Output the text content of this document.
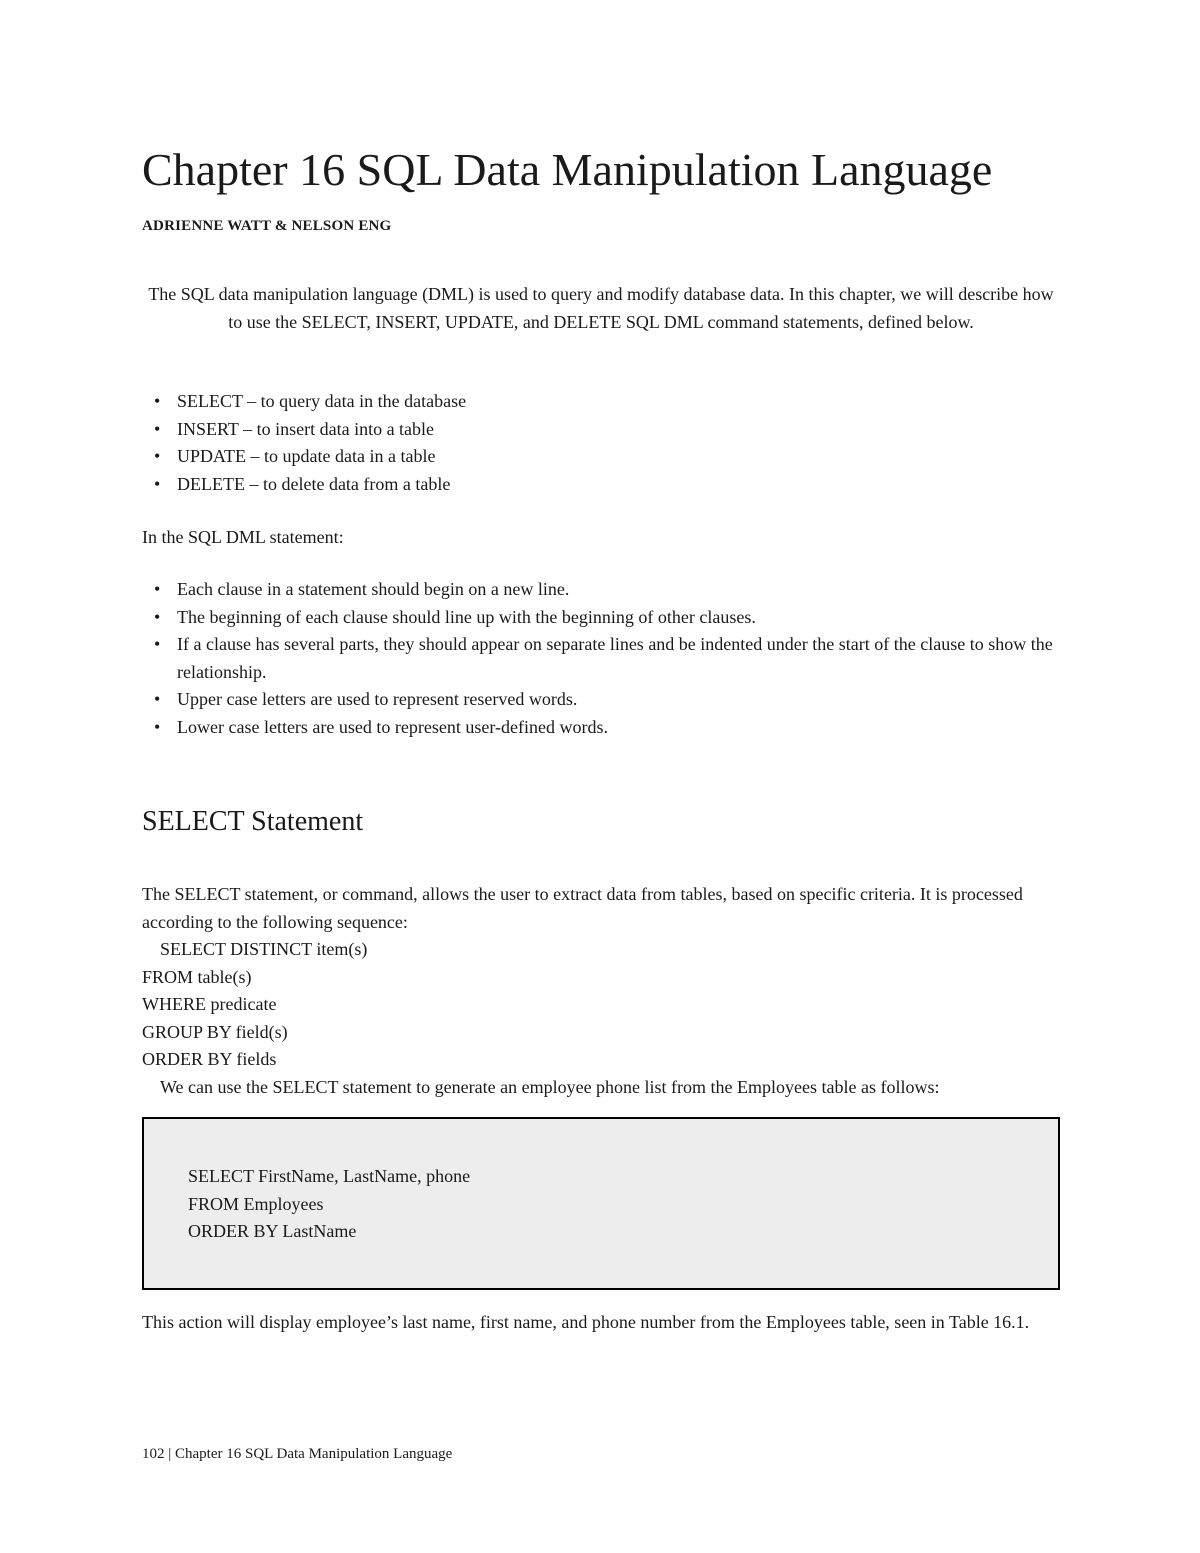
Chapter 16 SQL Data Manipulation Language

ADRIENNE WATT & NELSON ENG

The SQL data manipulation language (DML) is used to query and modify database data. In this chapter, we will describe how to use the SELECT, INSERT, UPDATE, and DELETE SQL DML command statements, defined below.

• SELECT – to query data in the database
• INSERT – to insert data into a table
• UPDATE – to update data in a table
• DELETE – to delete data from a table

In the SQL DML statement:

• Each clause in a statement should begin on a new line.
• The beginning of each clause should line up with the beginning of other clauses.
• If a clause has several parts, they should appear on separate lines and be indented under the start of the clause to show the relationship.
• Upper case letters are used to represent reserved words.
• Lower case letters are used to represent user-defined words.
SELECT Statement
The SELECT statement, or command, allows the user to extract data from tables, based on specific criteria. It is processed according to the following sequence:
SELECT DISTINCT item(s)
FROM table(s)
WHERE predicate
GROUP BY field(s)
ORDER BY fields
We can use the SELECT statement to generate an employee phone list from the Employees table as follows:
SELECT FirstName, LastName, phone
FROM Employees
ORDER BY LastName

This action will display employee’s last name, first name, and phone number from the Employees table, seen in Table 16.1.

102 | Chapter 16 SQL Data Manipulation Language
